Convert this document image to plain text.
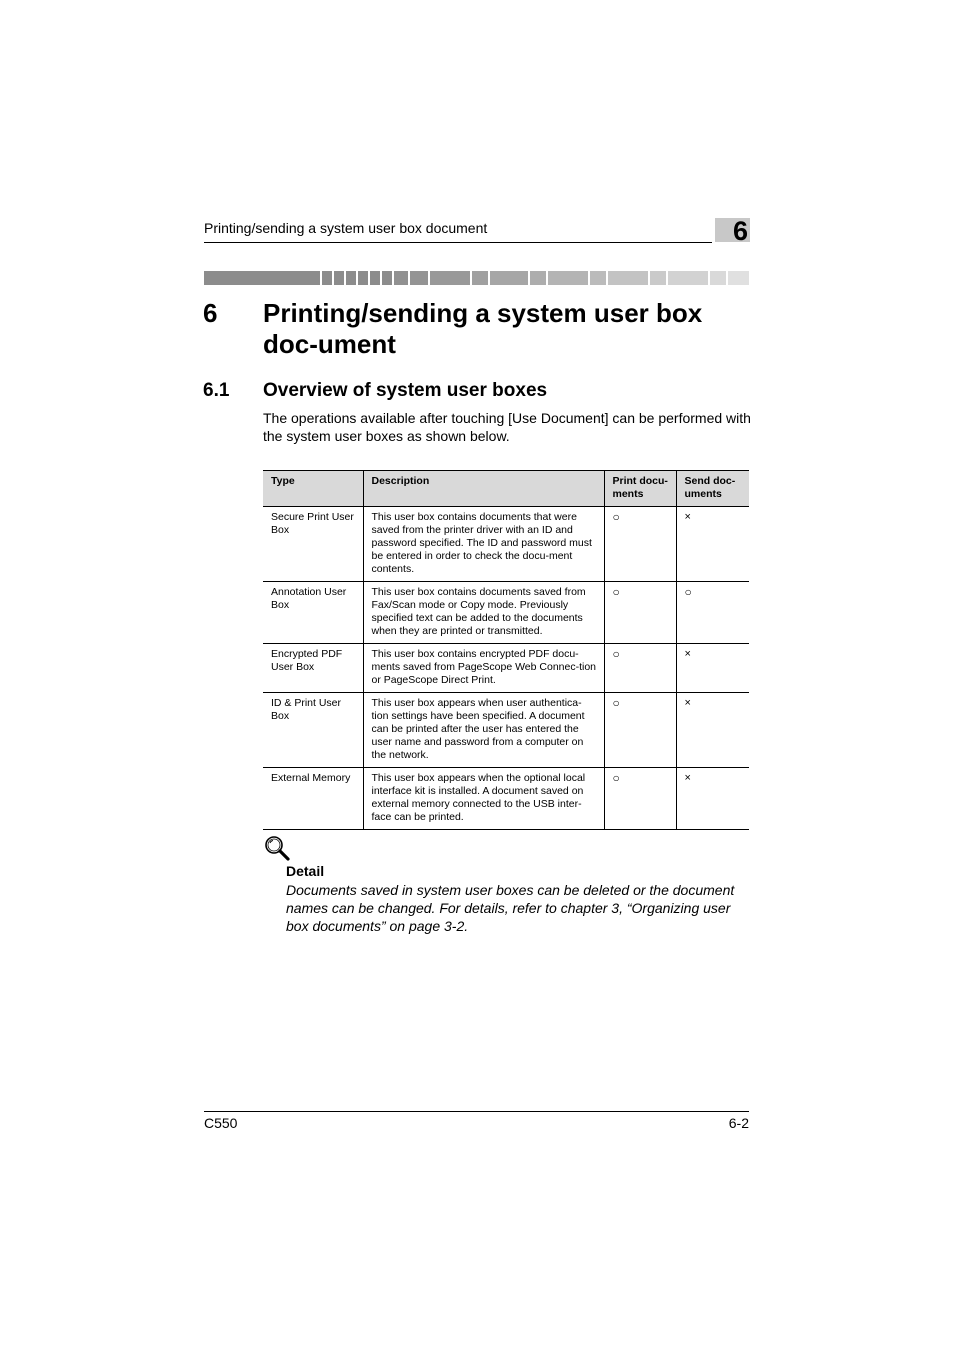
Printing/sending a system user box document	6
6 Printing/sending a system user box doc-ument
6.1 Overview of system user boxes
The operations available after touching [Use Document] can be performed with the system user boxes as shown below.
Type	Description	Print docu-ments	Send doc-uments
Secure Print User Box	This user box contains documents that were saved from the printer driver with an ID and password specified. The ID and password must be entered in order to check the docu-ment contents.	○	×
Annotation User Box	This user box contains documents saved from Fax/Scan mode or Copy mode. Previously specified text can be added to the documents when they are printed or transmitted.	○	○
Encrypted PDF User Box	This user box contains encrypted PDF docu-ments saved from PageScope Web Connec-tion or PageScope Direct Print.	○	×
ID & Print User Box	This user box appears when user authentica-tion settings have been specified. A document can be printed after the user has entered the user name and password from a computer on the network.	○	×
External Memory	This user box appears when the optional local interface kit is installed. A document saved on external memory connected to the USB inter-face can be printed.	○	×
Detail
Documents saved in system user boxes can be deleted or the document names can be changed. For details, refer to chapter 3, “Organizing user box documents” on page 3-2.
C550	6-2
